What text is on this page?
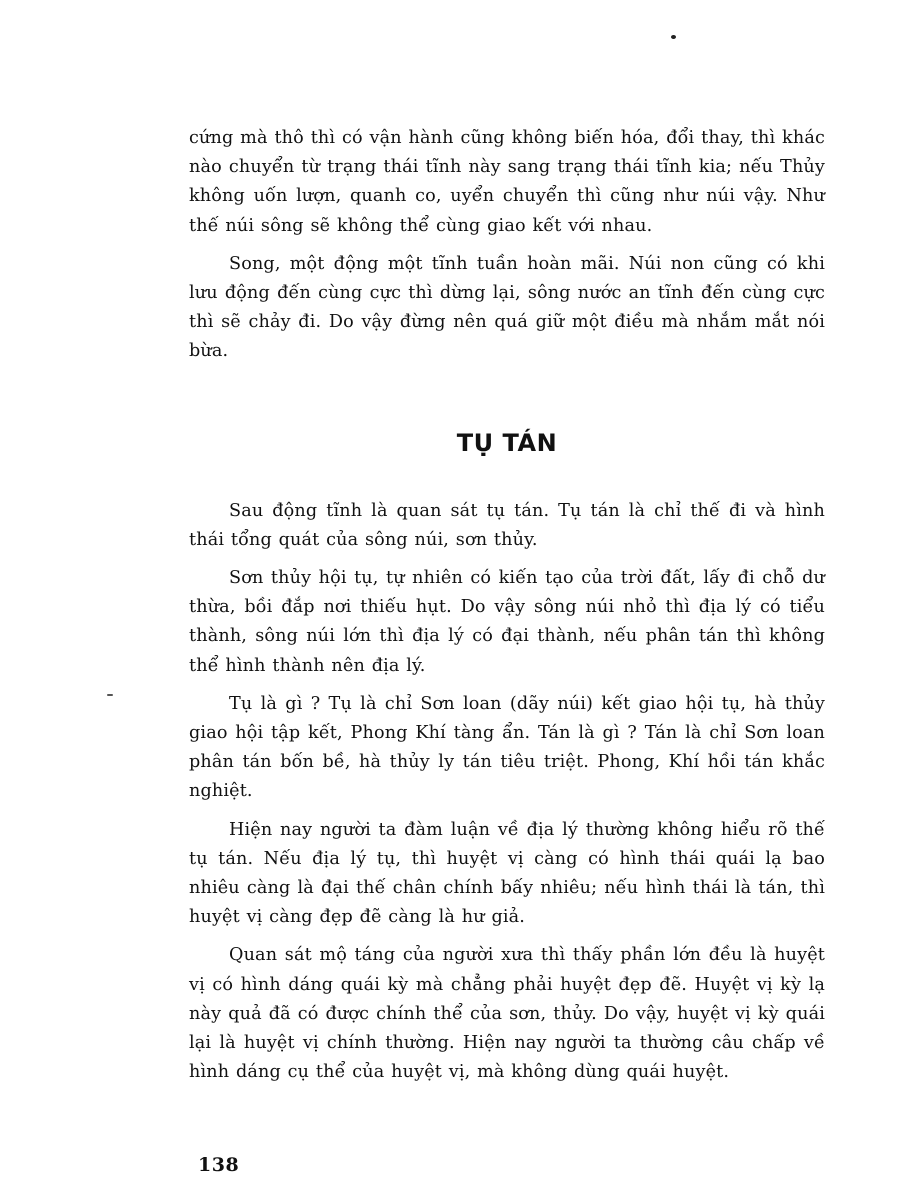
cứng mà thô thì có vận hành cũng không biến hóa, đổi thay, thì khác nào chuyển từ trạng thái tĩnh này sang trạng thái tĩnh kia; nếu Thủy không uốn lượn, quanh co, uyển chuyển thì cũng như núi vậy. Như thế núi sông sẽ không thể cùng giao kết với nhau.

Song, một động một tĩnh tuần hoàn mãi. Núi non cũng có khi lưu động đến cùng cực thì dừng lại, sông nước an tĩnh đến cùng cực thì sẽ chảy đi. Do vậy đừng nên quá giữ một điều mà nhắm mắt nói bừa.

TỤ TÁN

Sau động tĩnh là quan sát tụ tán. Tụ tán là chỉ thế đi và hình thái tổng quát của sông núi, sơn thủy.

Sơn thủy hội tụ, tự nhiên có kiến tạo của trời đất, lấy đi chỗ dư thừa, bồi đắp nơi thiếu hụt. Do vậy sông núi nhỏ thì địa lý có tiểu thành, sông núi lớn thì địa lý có đại thành, nếu phân tán thì không thể hình thành nên địa lý.

Tụ là gì ? Tụ là chỉ Sơn loan (dãy núi) kết giao hội tụ, hà thủy giao hội tập kết, Phong Khí tàng ẩn. Tán là gì ? Tán là chỉ Sơn loan phân tán bốn bề, hà thủy ly tán tiêu triệt. Phong, Khí hồi tán khắc nghiệt.

Hiện nay người ta đàm luận về địa lý thường không hiểu rõ thế tụ tán. Nếu địa lý tụ, thì huyệt vị càng có hình thái quái lạ bao nhiêu càng là đại thế chân chính bấy nhiêu; nếu hình thái là tán, thì huyệt vị càng đẹp đẽ càng là hư giả.

Quan sát mộ táng của người xưa thì thấy phần lớn đều là huyệt vị có hình dáng quái kỳ mà chẳng phải huyệt đẹp đẽ. Huyệt vị kỳ lạ này quả đã có được chính thể của sơn, thủy. Do vậy, huyệt vị kỳ quái lại là huyệt vị chính thường. Hiện nay người ta thường câu chấp về hình dáng cụ thể của huyệt vị, mà không dùng quái huyệt.

138
